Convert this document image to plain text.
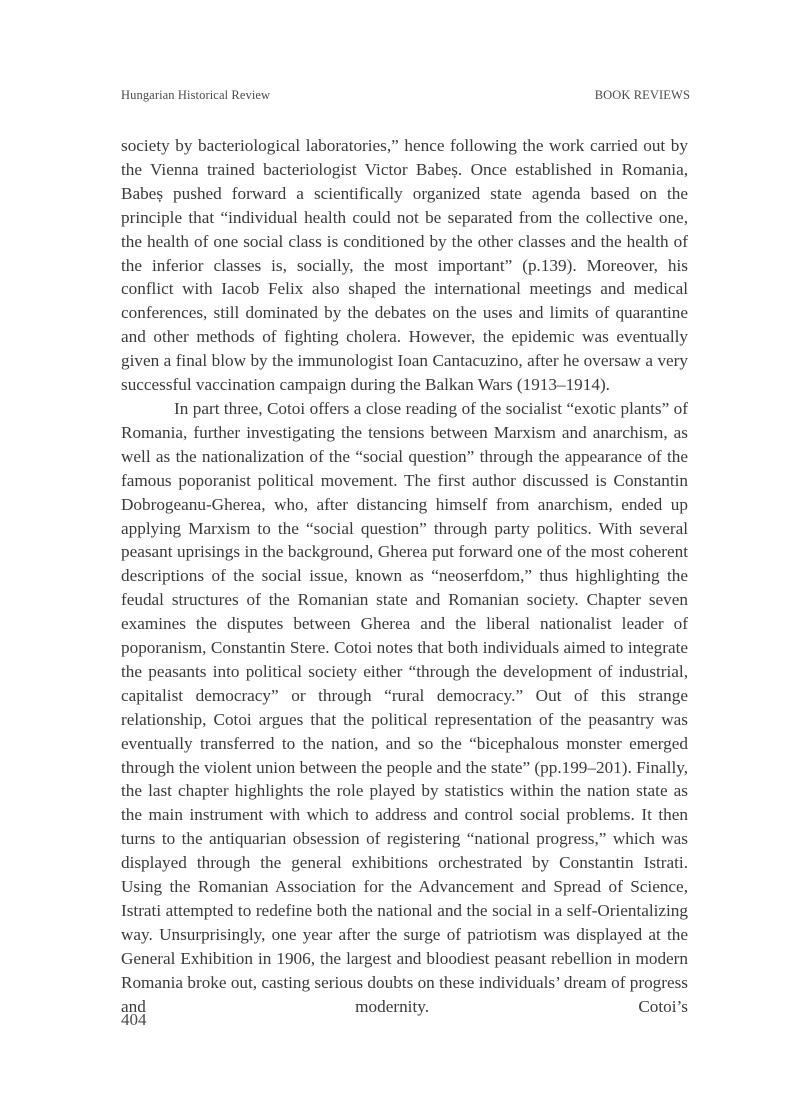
Hungarian Historical Review	BOOK REVIEWS

society by bacteriological laboratories,” hence following the work carried out by the Vienna trained bacteriologist Victor Babeș. Once established in Romania, Babeș pushed forward a scientifically organized state agenda based on the principle that “individual health could not be separated from the collective one, the health of one social class is conditioned by the other classes and the health of the inferior classes is, socially, the most important” (p.139). Moreover, his conflict with Iacob Felix also shaped the international meetings and medical conferences, still dominated by the debates on the uses and limits of quarantine and other methods of fighting cholera. However, the epidemic was eventually given a final blow by the immunologist Ioan Cantacuzino, after he oversaw a very successful vaccination campaign during the Balkan Wars (1913–1914).

In part three, Cotoi offers a close reading of the socialist “exotic plants” of Romania, further investigating the tensions between Marxism and anarchism, as well as the nationalization of the “social question” through the appearance of the famous poporanist political movement. The first author discussed is Constantin Dobrogeanu-Gherea, who, after distancing himself from anarchism, ended up applying Marxism to the “social question” through party politics. With several peasant uprisings in the background, Gherea put forward one of the most coherent descriptions of the social issue, known as “neoserfdom,” thus highlighting the feudal structures of the Romanian state and Romanian society. Chapter seven examines the disputes between Gherea and the liberal nationalist leader of poporanism, Constantin Stere. Cotoi notes that both individuals aimed to integrate the peasants into political society either “through the development of industrial, capitalist democracy” or through “rural democracy.” Out of this strange relationship, Cotoi argues that the political representation of the peasantry was eventually transferred to the nation, and so the “bicephalous monster emerged through the violent union between the people and the state” (pp.199–201). Finally, the last chapter highlights the role played by statistics within the nation state as the main instrument with which to address and control social problems. It then turns to the antiquarian obsession of registering “national progress,” which was displayed through the general exhibitions orchestrated by Constantin Istrati. Using the Romanian Association for the Advancement and Spread of Science, Istrati attempted to redefine both the national and the social in a self-Orientalizing way. Unsurprisingly, one year after the surge of patriotism was displayed at the General Exhibition in 1906, the largest and bloodiest peasant rebellion in modern Romania broke out, casting serious doubts on these individuals’ dream of progress and modernity. Cotoi’s

404
